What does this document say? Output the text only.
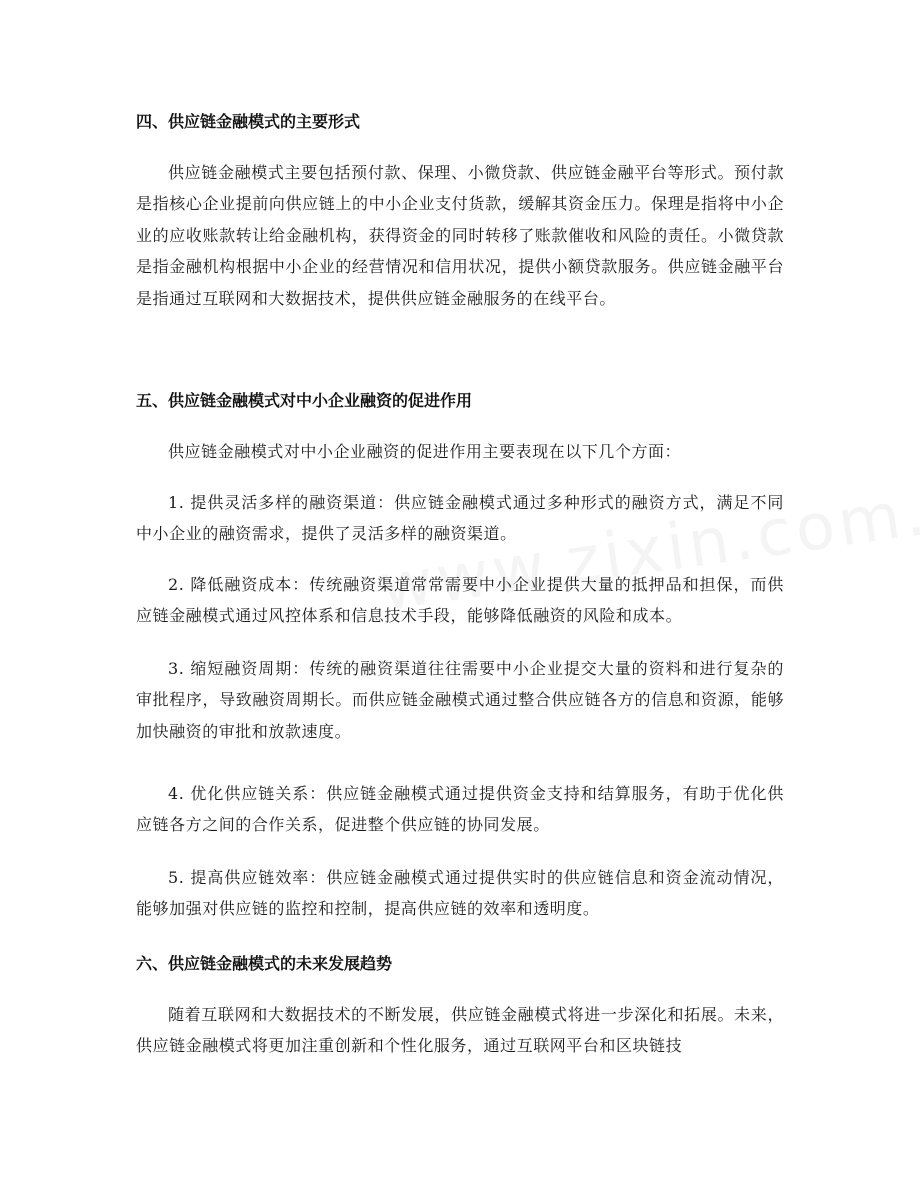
四、供应链金融模式的主要形式

供应链金融模式主要包括预付款、保理、小微贷款、供应链金融平台等形式。预付款是指核心企业提前向供应链上的中小企业支付货款，缓解其资金压力。保理是指将中小企业的应收账款转让给金融机构，获得资金的同时转移了账款催收和风险的责任。小微贷款是指金融机构根据中小企业的经营情况和信用状况，提供小额贷款服务。供应链金融平台是指通过互联网和大数据技术，提供供应链金融服务的在线平台。

五、供应链金融模式对中小企业融资的促进作用

供应链金融模式对中小企业融资的促进作用主要表现在以下几个方面：

1. 提供灵活多样的融资渠道：供应链金融模式通过多种形式的融资方式，满足不同中小企业的融资需求，提供了灵活多样的融资渠道。

2. 降低融资成本：传统融资渠道常常需要中小企业提供大量的抵押品和担保，而供应链金融模式通过风控体系和信息技术手段，能够降低融资的风险和成本。

3. 缩短融资周期：传统的融资渠道往往需要中小企业提交大量的资料和进行复杂的审批程序，导致融资周期长。而供应链金融模式通过整合供应链各方的信息和资源，能够加快融资的审批和放款速度。

4. 优化供应链关系：供应链金融模式通过提供资金支持和结算服务，有助于优化供应链各方之间的合作关系，促进整个供应链的协同发展。

5. 提高供应链效率：供应链金融模式通过提供实时的供应链信息和资金流动情况，能够加强对供应链的监控和控制，提高供应链的效率和透明度。

六、供应链金融模式的未来发展趋势

随着互联网和大数据技术的不断发展，供应链金融模式将进一步深化和拓展。未来，供应链金融模式将更加注重创新和个性化服务，通过互联网平台和区块链技
